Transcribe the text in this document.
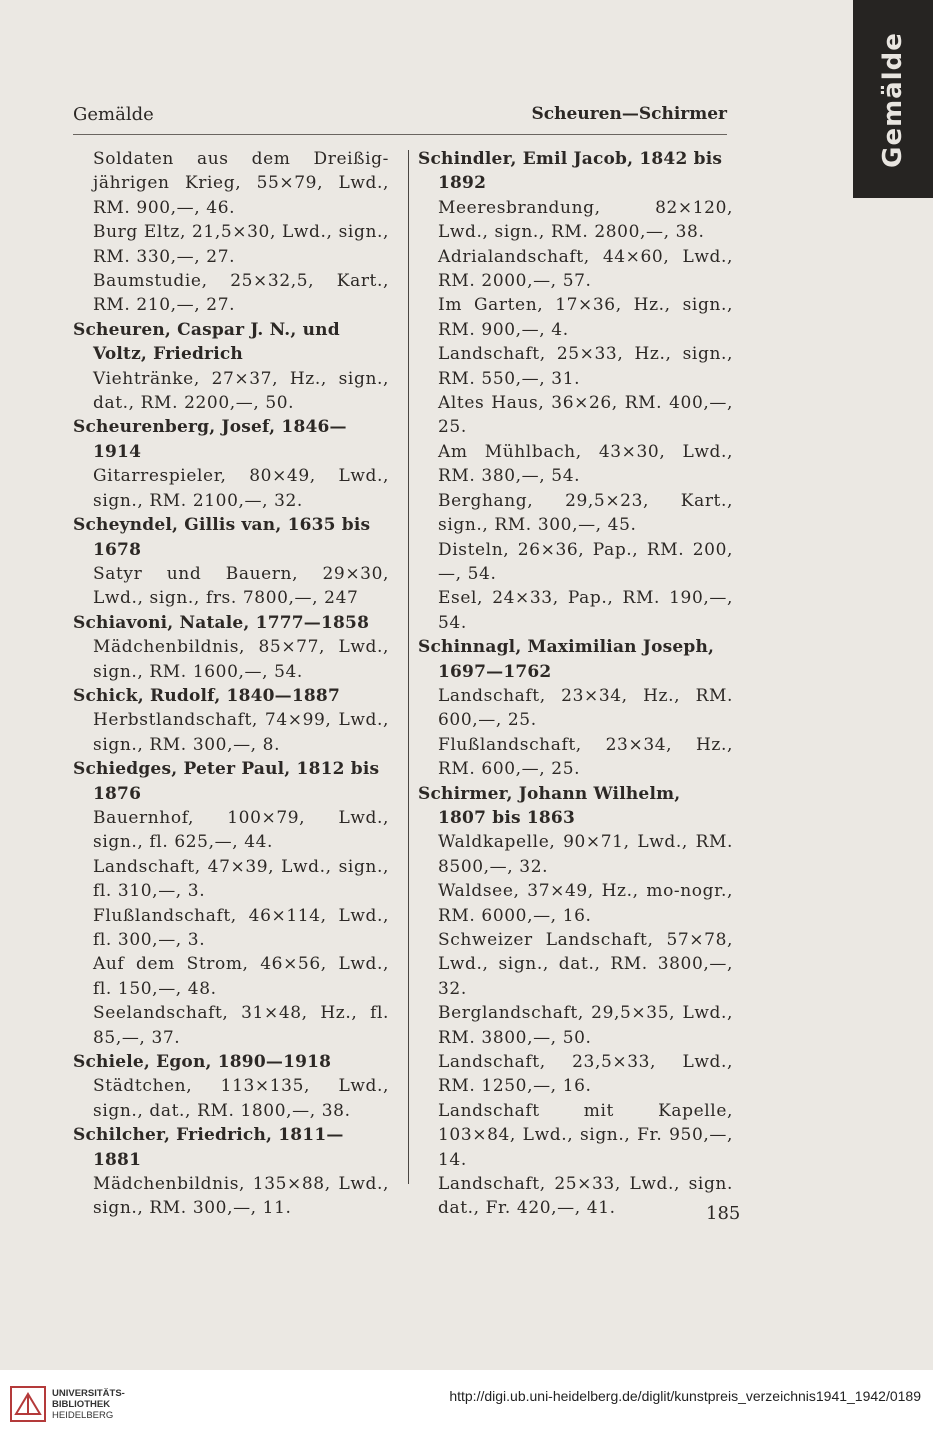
Gemälde
Gemälde	Scheuren—Schirmer
Soldaten aus dem Dreißig-jährigen Krieg, 55×79, Lwd., RM. 900,—, 46.
Burg Eltz, 21,5×30, Lwd., sign., RM. 330,—, 27.
Baumstudie, 25×32,5, Kart., RM. 210,—, 27.
Scheuren, Caspar J. N., und Voltz, Friedrich
Viehtränke, 27×37, Hz., sign., dat., RM. 2200,—, 50.
Scheurenberg, Josef, 1846—1914
Gitarrespieler, 80×49, Lwd., sign., RM. 2100,—, 32.
Scheyndel, Gillis van, 1635 bis 1678
Satyr und Bauern, 29×30, Lwd., sign., frs. 7800,—, 247
Schiavoni, Natale, 1777—1858
Mädchenbildnis, 85×77, Lwd., sign., RM. 1600,—, 54.
Schick, Rudolf, 1840—1887
Herbstlandschaft, 74×99, Lwd., sign., RM. 300,—, 8.
Schiedges, Peter Paul, 1812 bis 1876
Bauernhof, 100×79, Lwd., sign., fl. 625,—, 44.
Landschaft, 47×39, Lwd., sign., fl. 310,—, 3.
Flußlandschaft, 46×114, Lwd., fl. 300,—, 3.
Auf dem Strom, 46×56, Lwd., fl. 150,—, 48.
Seelandschaft, 31×48, Hz., fl. 85,—, 37.
Schiele, Egon, 1890—1918
Städtchen, 113×135, Lwd., sign., dat., RM. 1800,—, 38.
Schilcher, Friedrich, 1811—1881
Mädchenbildnis, 135×88, Lwd., sign., RM. 300,—, 11.
Schindler, Emil Jacob, 1842 bis 1892
Meeresbrandung, 82×120, Lwd., sign., RM. 2800,—, 38.
Adrialandschaft, 44×60, Lwd., RM. 2000,—, 57.
Im Garten, 17×36, Hz., sign., RM. 900,—, 4.
Landschaft, 25×33, Hz., sign., RM. 550,—, 31.
Altes Haus, 36×26, RM. 400,—, 25.
Am Mühlbach, 43×30, Lwd., RM. 380,—, 54.
Berghang, 29,5×23, Kart., sign., RM. 300,—, 45.
Disteln, 26×36, Pap., RM. 200,—, 54.
Esel, 24×33, Pap., RM. 190,—, 54.
Schinnagl, Maximilian Joseph, 1697—1762
Landschaft, 23×34, Hz., RM. 600,—, 25.
Flußlandschaft, 23×34, Hz., RM. 600,—, 25.
Schirmer, Johann Wilhelm, 1807 bis 1863
Waldkapelle, 90×71, Lwd., RM. 8500,—, 32.
Waldsee, 37×49, Hz., mo-nogr., RM. 6000,—, 16.
Schweizer Landschaft, 57×78, Lwd., sign., dat., RM. 3800,—, 32.
Berglandschaft, 29,5×35, Lwd., RM. 3800,—, 50.
Landschaft, 23,5×33, Lwd., RM. 1250,—, 16.
Landschaft mit Kapelle, 103×84, Lwd., sign., Fr. 950,—, 14.
Landschaft, 25×33, Lwd., sign. dat., Fr. 420,—, 41.	185
UNIVERSITÄTS-
BIBLIOTHEK
HEIDELBERG
http://digi.ub.uni-heidelberg.de/diglit/kunstpreis_verzeichnis1941_1942/0189
